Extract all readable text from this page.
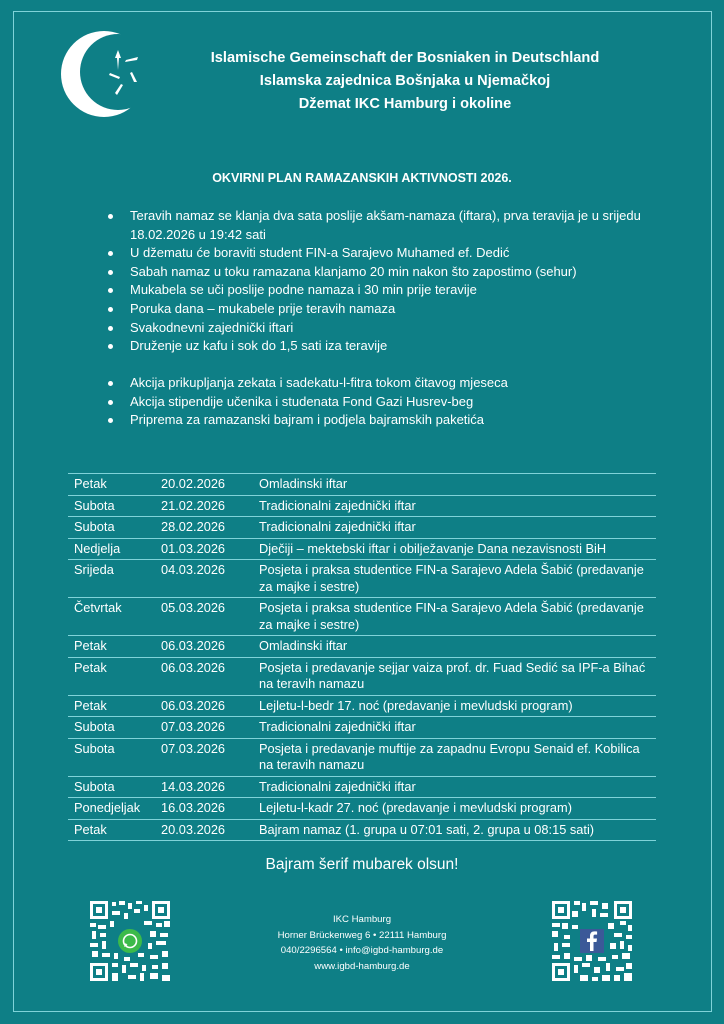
Islamische Gemeinschaft der Bosniaken in Deutschland
Islamska zajednica Bošnjaka u Njemačkoj
Džemat IKC Hamburg i okoline
OKVIRNI PLAN RAMAZANSKIH AKTIVNOSTI 2026.
Teravih namaz se klanja dva sata poslije akšam-namaza (iftara), prva teravija je u srijedu 18.02.2026 u 19:42 sati
U džematu će boraviti student FIN-a Sarajevo Muhamed ef. Dedić
Sabah namaz u toku ramazana klanjamo 20 min nakon što zapostimo (sehur)
Mukabela se uči poslije podne namaza i 30 min prije teravije
Poruka dana – mukabele prije teravih namaza
Svakodnevni zajednički iftari
Druženje uz kafu i sok do 1,5 sati iza teravije
Akcija prikupljanja zekata i sadekatu-l-fitra tokom čitavog mjeseca
Akcija stipendije učenika i studenata Fond Gazi Husrev-beg
Priprema za ramazanski bajram i podjela bajramskih paketića
Petak	20.02.2026	Omladinski iftar
Subota	21.02.2026	Tradicionalni zajednički iftar
Subota	28.02.2026	Tradicionalni zajednički iftar
Nedjelja	01.03.2026	Dječiji – mektebski iftar i obilježavanje Dana nezavisnosti BiH
Srijeda	04.03.2026	Posjeta i praksa studentice FIN-a Sarajevo Adela Šabić (predavanje za majke i sestre)
Četvrtak	05.03.2026	Posjeta i praksa studentice FIN-a Sarajevo Adela Šabić (predavanje za majke i sestre)
Petak	06.03.2026	Omladinski iftar
Petak	06.03.2026	Posjeta i predavanje sejjar vaiza prof. dr. Fuad Sedić sa IPF-a Bihać na teravih namazu
Petak	06.03.2026	Lejletu-l-bedr 17. noć (predavanje i mevludski program)
Subota	07.03.2026	Tradicionalni zajednički iftar
Subota	07.03.2026	Posjeta i predavanje muftije za zapadnu Evropu Senaid ef. Kobilica na teravih namazu
Subota	14.03.2026	Tradicionalni zajednički iftar
Ponedjeljak	16.03.2026	Lejletu-l-kadr 27. noć (predavanje i mevludski program)
Petak	20.03.2026	Bajram namaz (1. grupa u 07:01 sati, 2. grupa u 08:15 sati)
Bajram šerif mubarek olsun!
IKC Hamburg
Horner Brückenweg 6 • 22111 Hamburg
040/2296564 • info@igbd-hamburg.de
www.igbd-hamburg.de
